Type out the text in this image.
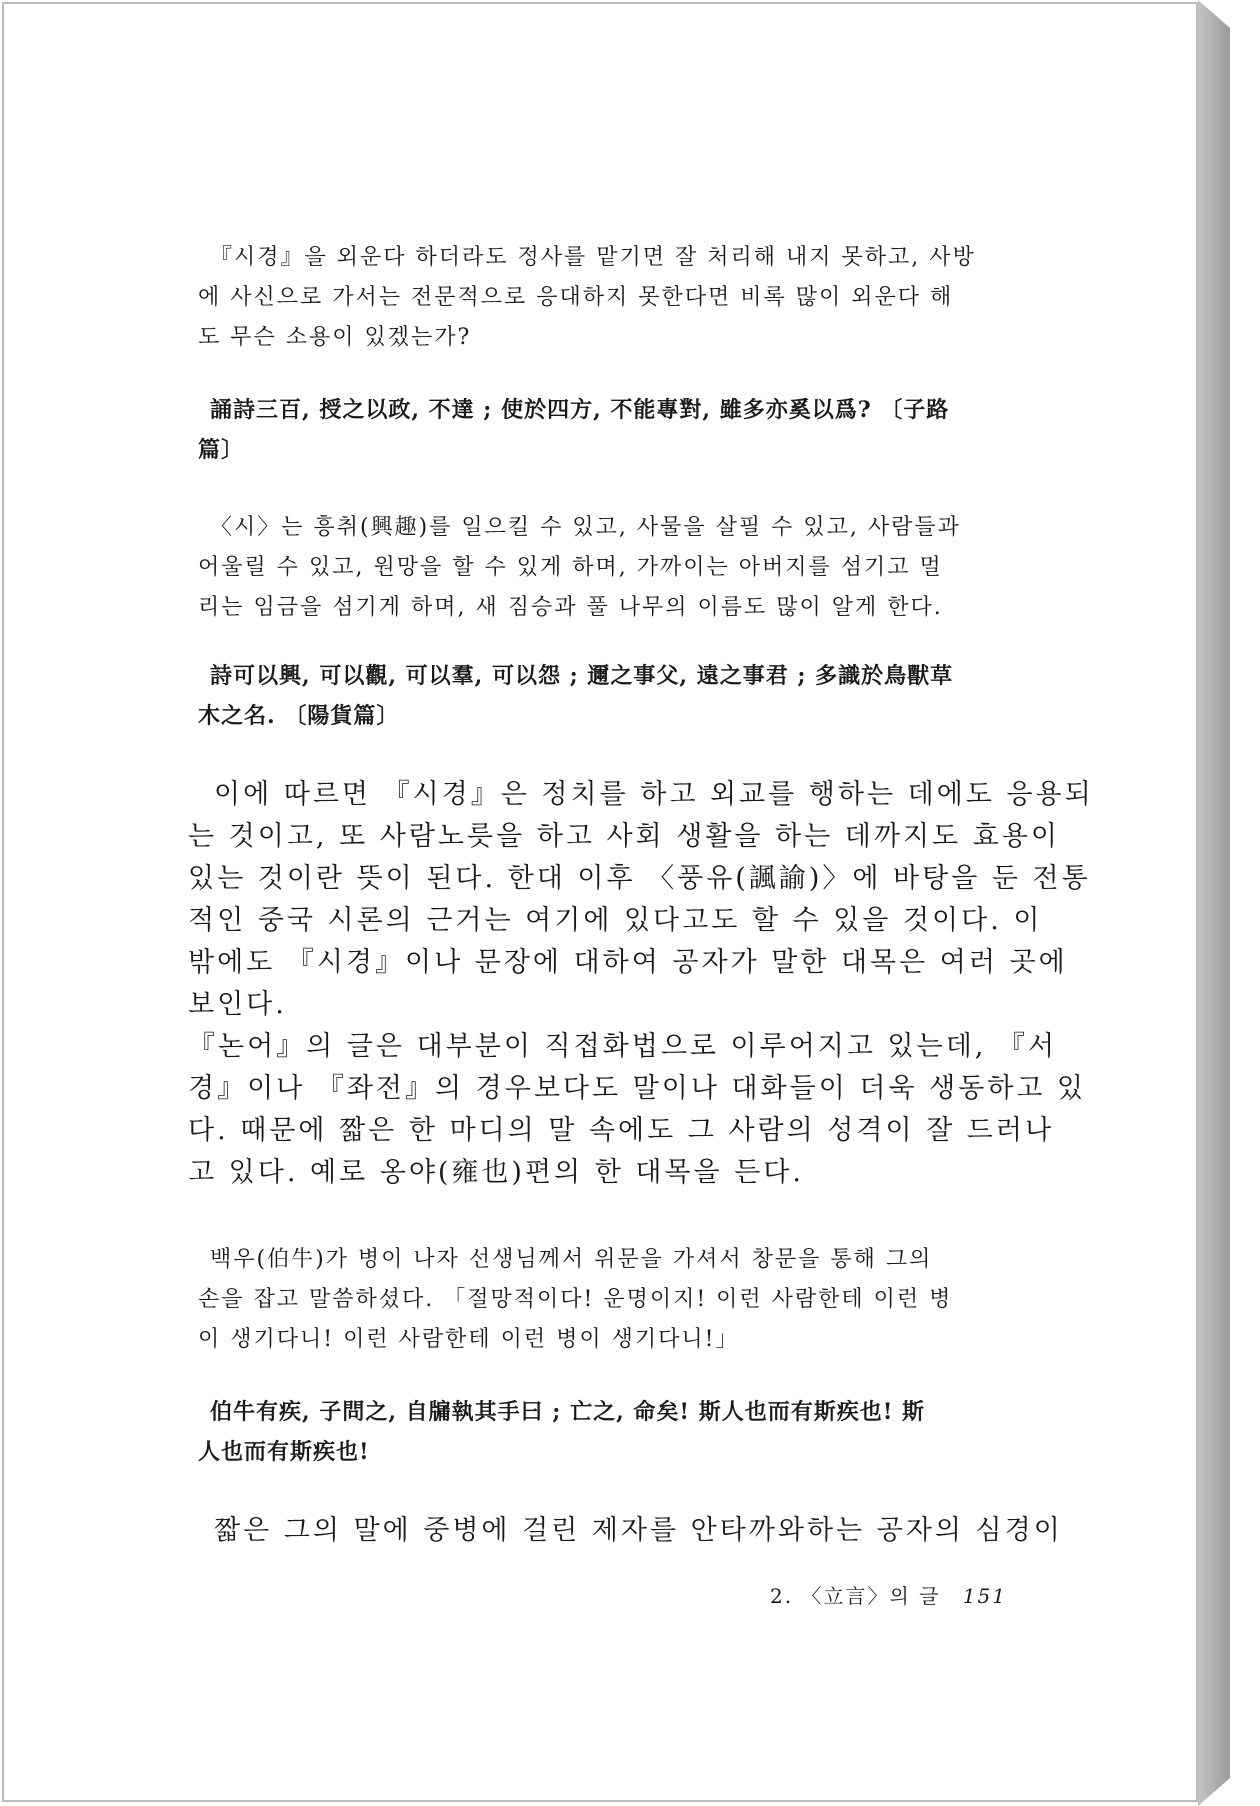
『시경』을 외운다 하더라도 정사를 맡기면 잘 처리해 내지 못하고, 사방
에 사신으로 가서는 전문적으로 응대하지 못한다면 비록 많이 외운다 해
도 무슨 소용이 있겠는가?
誦詩三百, 授之以政, 不達 ; 使於四方, 不能專對, 雖多亦奚以爲? 〔子路
篇〕
〈시〉는 흥취(興趣)를 일으킬 수 있고, 사물을 살필 수 있고, 사람들과
어울릴 수 있고, 원망을 할 수 있게 하며, 가까이는 아버지를 섬기고 멀
리는 임금을 섬기게 하며, 새 짐승과 풀 나무의 이름도 많이 알게 한다.
詩可以興, 可以觀, 可以羣, 可以怨 ; 邇之事父, 遠之事君 ; 多識於鳥獸草
木之名. 〔陽貨篇〕
이에 따르면 『시경』은 정치를 하고 외교를 행하는 데에도 응용되
는 것이고, 또 사람노릇을 하고 사회 생활을 하는 데까지도 효용이
있는 것이란 뜻이 된다. 한대 이후 〈풍유(諷諭)〉에 바탕을 둔 전통
적인 중국 시론의 근거는 여기에 있다고도 할 수 있을 것이다. 이
밖에도 『시경』이나 문장에 대하여 공자가 말한 대목은 여러 곳에
보인다.
『논어』의 글은 대부분이 직접화법으로 이루어지고 있는데, 『서
경』이나 『좌전』의 경우보다도 말이나 대화들이 더욱 생동하고 있
다. 때문에 짧은 한 마디의 말 속에도 그 사람의 성격이 잘 드러나
고 있다. 예로 옹야(雍也)편의 한 대목을 든다.
백우(伯牛)가 병이 나자 선생님께서 위문을 가셔서 창문을 통해 그의
손을 잡고 말씀하셨다. 「절망적이다! 운명이지! 이런 사람한테 이런 병
이 생기다니! 이런 사람한테 이런 병이 생기다니!」
伯牛有疾, 子問之, 自牖執其手曰 ; 亡之, 命矣! 斯人也而有斯疾也! 斯
人也而有斯疾也!
짧은 그의 말에 중병에 걸린 제자를 안타까와하는 공자의 심경이
2. 〈立言〉의 글 151
